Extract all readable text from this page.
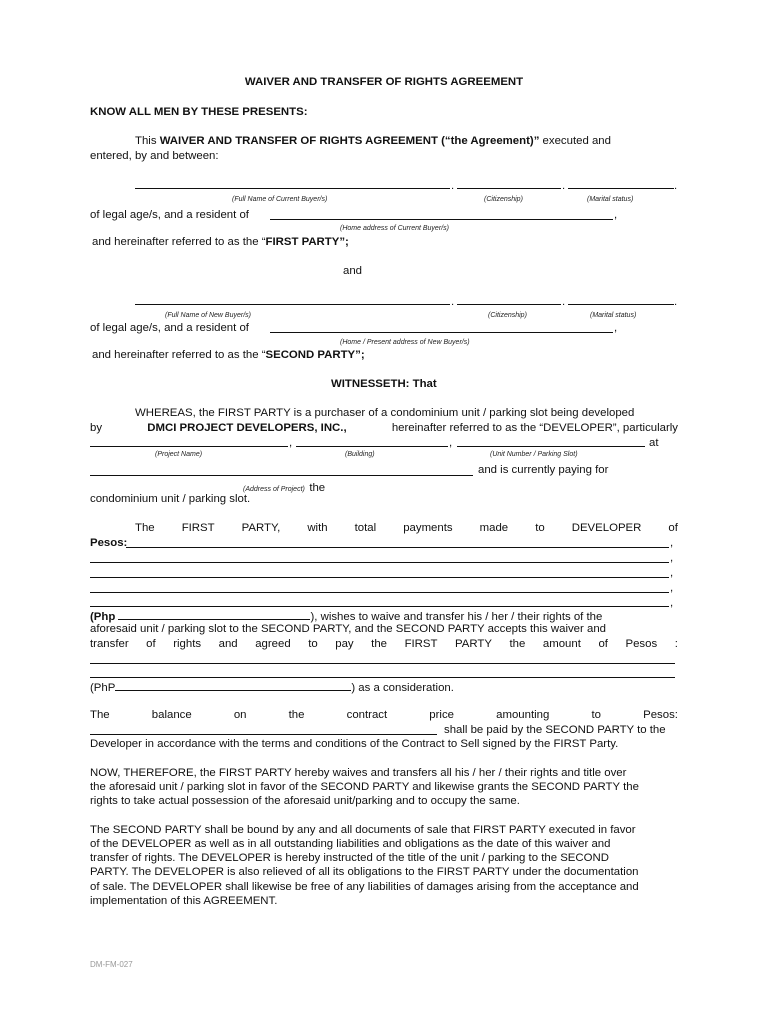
WAIVER AND TRANSFER OF RIGHTS AGREEMENT
KNOW ALL MEN BY THESE PRESENTS:
This WAIVER AND TRANSFER OF RIGHTS AGREEMENT (“the Agreement)” executed and
entered, by and between:
.	.	.
(Full Name of Current Buyer/s)	(Citizenship)	(Marital status)
of legal age/s, and a resident of	,
(Home address of Current Buyer/s)
and hereinafter referred to as the “FIRST PARTY”;
and
.	.	.
(Full Name of New Buyer/s)	(Citizenship)	(Marital status)
of legal age/s, and a resident of	,
(Home / Present address of New Buyer/s)
and hereinafter referred to as the “SECOND PARTY”;
WITNESSETH: That
WHEREAS, the FIRST PARTY is a purchaser of a condominium unit / parking slot being developed
by	DMCI PROJECT DEVELOPERS, INC.,	hereinafter referred to as the “DEVELOPER”, particularly
,	,	at
(Project Name)	(Building)	(Unit Number / Parking Slot)
and is currently paying for
(Address of Project) the
condominium unit / parking slot.
The FIRST PARTY, with total payments made to DEVELOPER of
Pesos:	,
,
,
,
,
(Php	), wishes to waive and transfer his / her / their rights of the
aforesaid unit / parking slot to the SECOND PARTY, and the SECOND PARTY accepts this waiver and
transfer of rights and agreed to pay the FIRST PARTY the amount of Pesos :
(PhP	) as a consideration.
The	balance	on	the	contract	price	amounting	to	Pesos:
shall be paid by the SECOND PARTY to the
Developer in accordance with the terms and conditions of the Contract to Sell signed by the FIRST Party.
NOW, THEREFORE, the FIRST PARTY hereby waives and transfers all his / her / their rights and title over
the aforesaid unit / parking slot in favor of the SECOND PARTY and likewise grants the SECOND PARTY the
rights to take actual possession of the aforesaid unit/parking and to occupy the same.
The SECOND PARTY shall be bound by any and all documents of sale that FIRST PARTY executed in favor
of the DEVELOPER as well as in all outstanding liabilities and obligations as the date of this waiver and
transfer of rights. The DEVELOPER is hereby instructed of the title of the unit / parking to the SECOND
PARTY. The DEVELOPER is also relieved of all its obligations to the FIRST PARTY under the documentation
of sale. The DEVELOPER shall likewise be free of any liabilities of damages arising from the acceptance and
implementation of this AGREEMENT.
DM-FM-027
